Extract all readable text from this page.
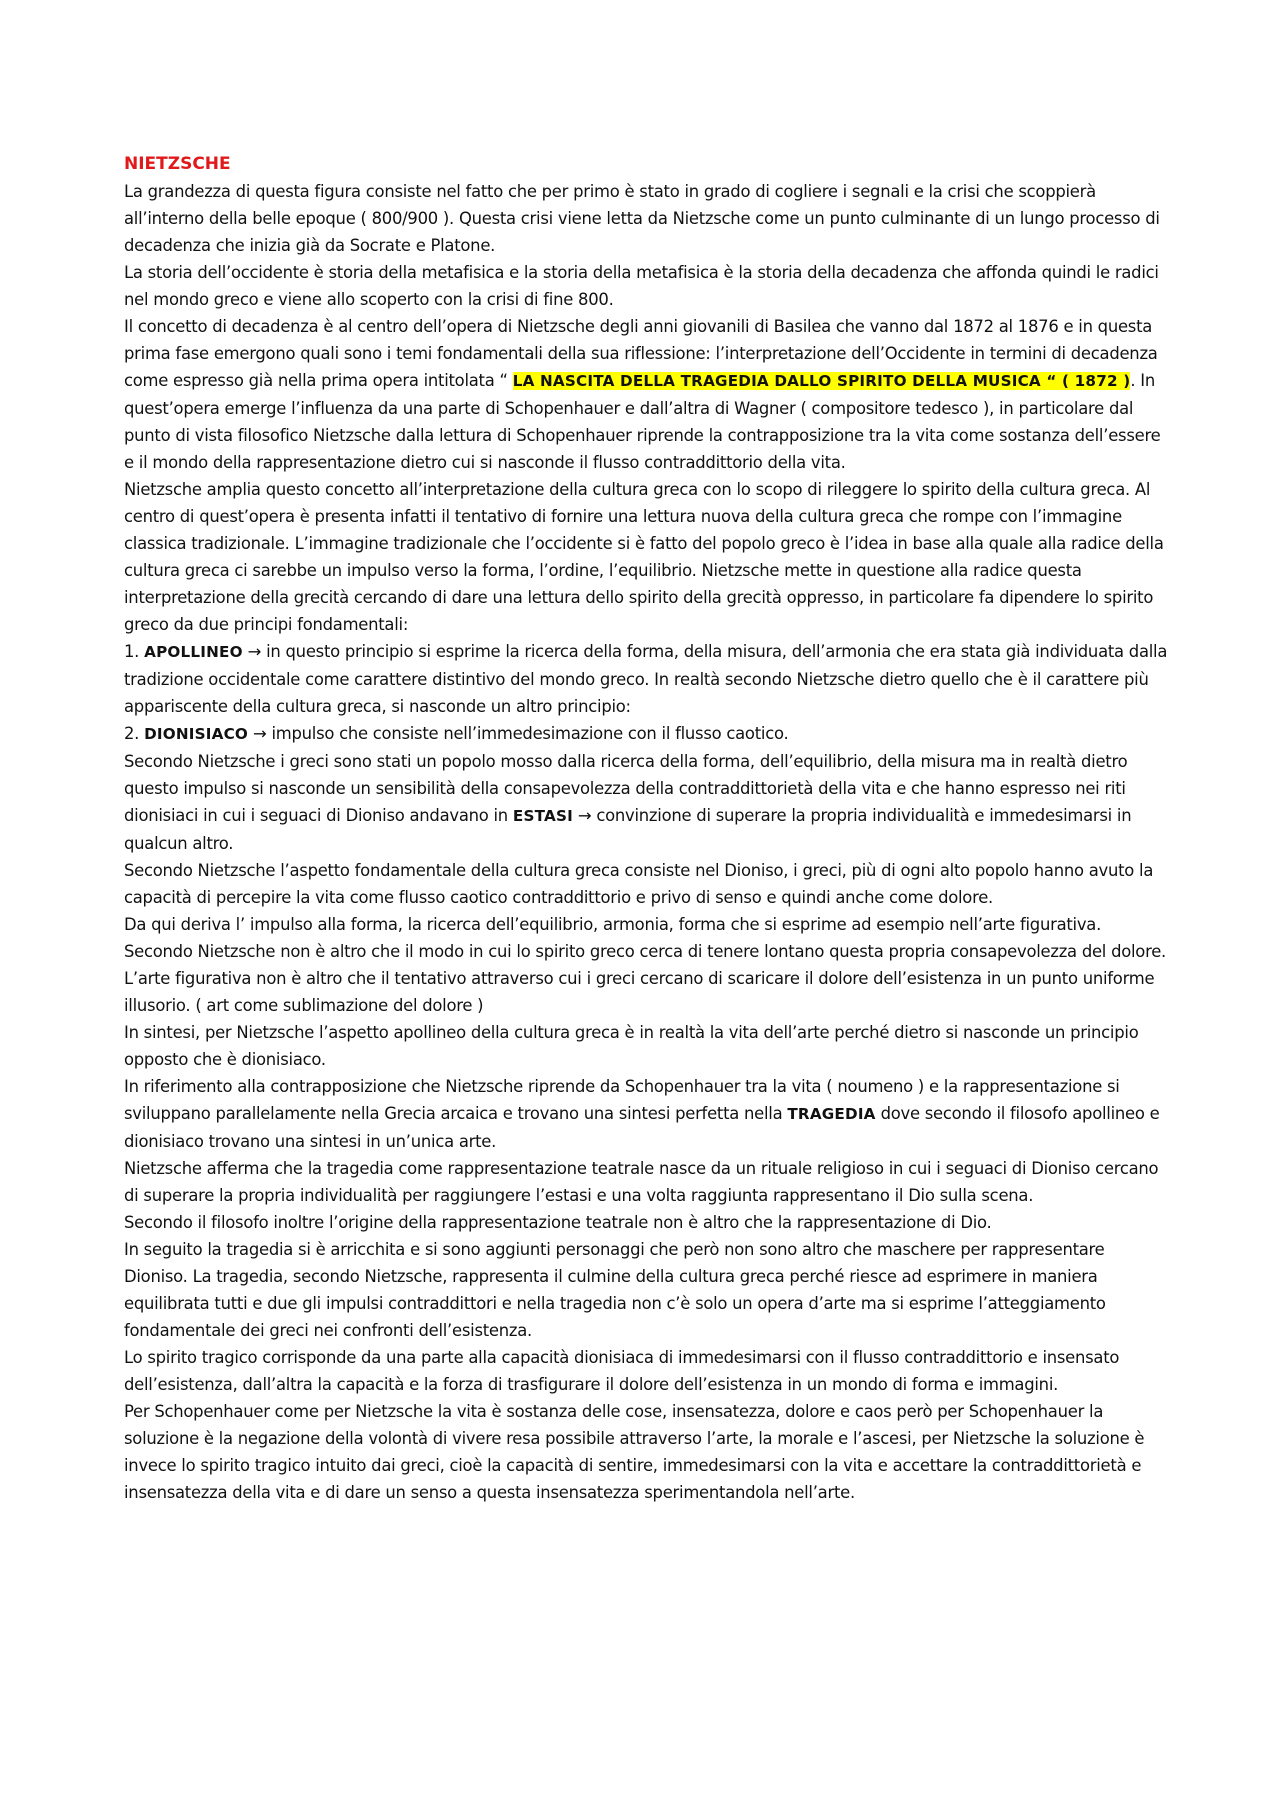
NIETZSCHE

La grandezza di questa figura consiste nel fatto che per primo è stato in grado di cogliere i segnali e la crisi che scoppierà all’interno della belle epoque ( 800/900 ). Questa crisi viene letta da Nietzsche come un punto culminante di un lungo processo di decadenza che inizia già da Socrate e Platone.

La storia dell’occidente è storia della metafisica e la storia della metafisica è la storia della decadenza che affonda quindi le radici nel mondo greco e viene allo scoperto con la crisi di fine 800.

Il concetto di decadenza è al centro dell’opera di Nietzsche degli anni giovanili di Basilea che vanno dal 1872 al 1876 e in questa prima fase emergono quali sono i temi fondamentali della sua riflessione: l’interpretazione dell’Occidente in termini di decadenza come espresso già nella prima opera intitolata “ LA NASCITA DELLA TRAGEDIA DALLO SPIRITO DELLA MUSICA “ ( 1872 ). In quest’opera emerge l’influenza da una parte di Schopenhauer e dall’altra di Wagner ( compositore tedesco ), in particolare dal punto di vista filosofico Nietzsche dalla lettura di Schopenhauer riprende la contrapposizione tra la vita come sostanza dell’essere e il mondo della rappresentazione dietro cui si nasconde il flusso contraddittorio della vita.

Nietzsche amplia questo concetto all’interpretazione della cultura greca con lo scopo di rileggere lo spirito della cultura greca. Al centro di quest’opera è presenta infatti il tentativo di fornire una lettura nuova della cultura greca che rompe con l’immagine classica tradizionale. L’immagine tradizionale che l’occidente si è fatto del popolo greco è l’idea in base alla quale alla radice della cultura greca ci sarebbe un impulso verso la forma, l’ordine, l’equilibrio. Nietzsche mette in questione alla radice questa interpretazione della grecità cercando di dare una lettura dello spirito della grecità oppresso, in particolare fa dipendere lo spirito greco da due principi fondamentali:

1. APOLLINEO → in questo principio si esprime la ricerca della forma, della misura, dell’armonia che era stata già individuata dalla tradizione occidentale come carattere distintivo del mondo greco. In realtà secondo Nietzsche dietro quello che è il carattere più appariscente della cultura greca, si nasconde un altro principio:

2. DIONISIACO → impulso che consiste nell’immedesimazione con il flusso caotico.

Secondo Nietzsche i greci sono stati un popolo mosso dalla ricerca della forma, dell’equilibrio, della misura ma in realtà dietro questo impulso si nasconde un sensibilità della consapevolezza della contraddittorietà della vita e che hanno espresso nei riti dionisiaci in cui i seguaci di Dioniso andavano in ESTASI → convinzione di superare la propria individualità e immedesimarsi in qualcun altro.

Secondo Nietzsche l’aspetto fondamentale della cultura greca consiste nel Dioniso, i greci, più di ogni alto popolo hanno avuto la capacità di percepire la vita come flusso caotico contraddittorio e privo di senso e quindi anche come dolore.

Da qui deriva l’ impulso alla forma, la ricerca dell’equilibrio, armonia, forma che si esprime ad esempio nell’arte figurativa.

Secondo Nietzsche non è altro che il modo in cui lo spirito greco cerca di tenere lontano questa propria consapevolezza del dolore.

L’arte figurativa non è altro che il tentativo attraverso cui i greci cercano di scaricare il dolore dell’esistenza in un punto uniforme illusorio. ( art come sublimazione del dolore )

In sintesi, per Nietzsche l’aspetto apollineo della cultura greca è in realtà la vita dell’arte perché dietro si nasconde un principio opposto che è dionisiaco.

In riferimento alla contrapposizione che Nietzsche riprende da Schopenhauer tra la vita ( noumeno ) e la rappresentazione si sviluppano parallelamente nella Grecia arcaica e trovano una sintesi perfetta nella TRAGEDIA dove secondo il filosofo apollineo e dionisiaco trovano una sintesi in un’unica arte.

Nietzsche afferma che la tragedia come rappresentazione teatrale nasce da un rituale religioso in cui i seguaci di Dioniso cercano di superare la propria individualità per raggiungere l’estasi e una volta raggiunta rappresentano il Dio sulla scena.

Secondo il filosofo inoltre l’origine della rappresentazione teatrale non è altro che la rappresentazione di Dio.

In seguito la tragedia si è arricchita e si sono aggiunti personaggi che però non sono altro che maschere per rappresentare Dioniso. La tragedia, secondo Nietzsche, rappresenta il culmine della cultura greca perché riesce ad esprimere in maniera equilibrata tutti e due gli impulsi contraddittori e nella tragedia non c’è solo un opera d’arte ma si esprime l’atteggiamento fondamentale dei greci nei confronti dell’esistenza.

Lo spirito tragico corrisponde da una parte alla capacità dionisiaca di immedesimarsi con il flusso contraddittorio e insensato dell’esistenza, dall’altra la capacità e la forza di trasfigurare il dolore dell’esistenza in un mondo di forma e immagini.

Per Schopenhauer come per Nietzsche la vita è sostanza delle cose, insensatezza, dolore e caos però per Schopenhauer la soluzione è la negazione della volontà di vivere resa possibile attraverso l’arte, la morale e l’ascesi, per Nietzsche la soluzione è invece lo spirito tragico intuito dai greci, cioè la capacità di sentire, immedesimarsi con la vita e accettare la contraddittorietà e insensatezza della vita e di dare un senso a questa insensatezza sperimentandola nell’arte.
